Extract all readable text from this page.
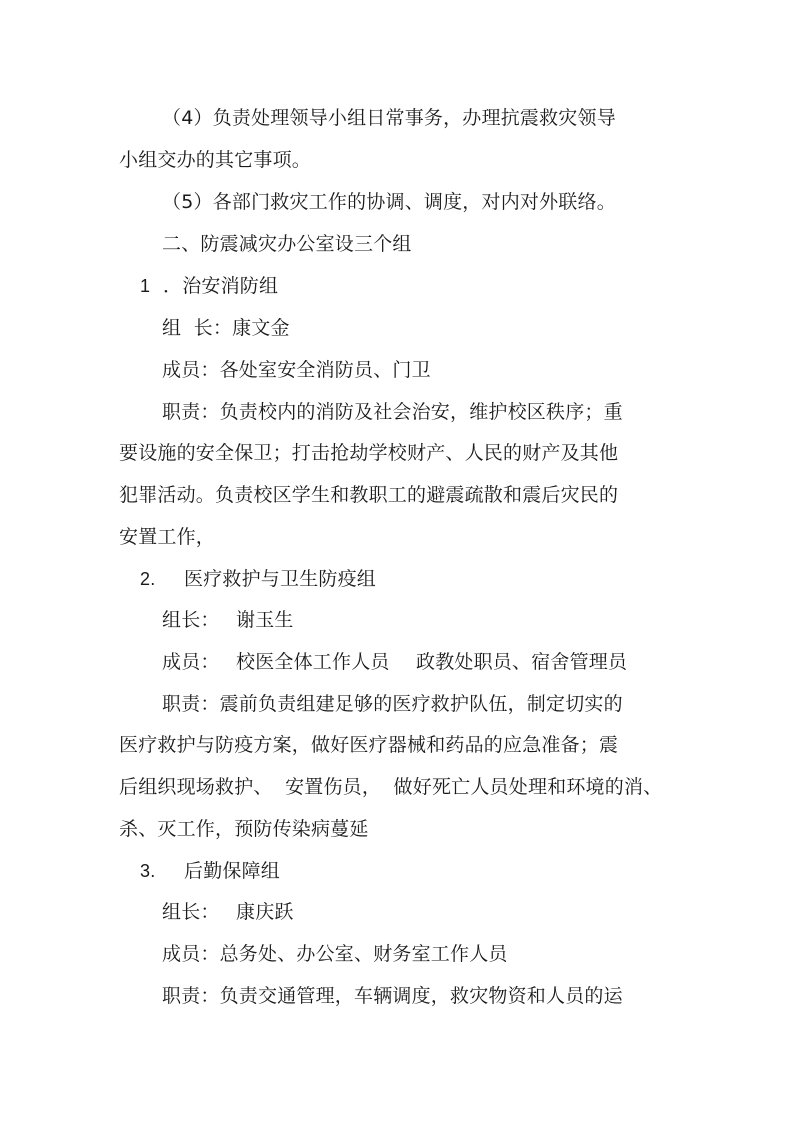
（4）负责处理领导小组日常事务，办理抗震救灾领导
小组交办的其它事项。
（5）各部门救灾工作的协调、调度，对内对外联络。
二、防震减灾办公室设三个组
1 ．治安消防组
组  长：康文金
成员：各处室安全消防员、门卫
职责：负责校内的消防及社会治安，维护校区秩序；重
要设施的安全保卫；打击抢劫学校财产、人民的财产及其他
犯罪活动。负责校区学生和教职工的避震疏散和震后灾民的
安置工作，
2. 医疗救护与卫生防疫组
组长： 谢玉生
成员： 校医全体工作人员 政教处职员、宿舍管理员
职责：震前负责组建足够的医疗救护队伍，制定切实的
医疗救护与防疫方案，做好医疗器械和药品的应急准备；震
后组织现场救护、  安置伤员，  做好死亡人员处理和环境的消、
杀、灭工作，预防传染病蔓延
3. 后勤保障组
组长： 康庆跃
成员：总务处、办公室、财务室工作人员
职责：负责交通管理，车辆调度，救灾物资和人员的运
